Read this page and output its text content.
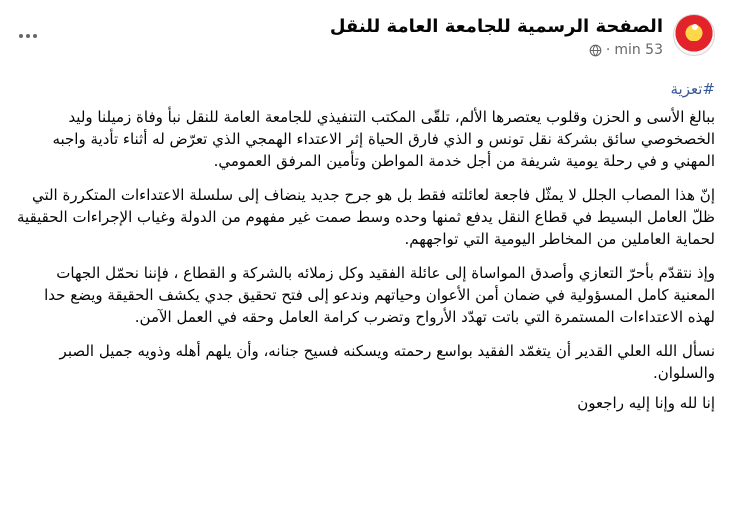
الصفحة الرسمية للجامعة العامة للنقل
53 min
·
#تعزية

ببالغ الأسى و الحزن وقلوب يعتصرها الألم، تلقّى المكتب التنفيذي للجامعة العامة للنقل نبأ وفاة زميلنا وليد الخصخوصي سائق بشركة نقل تونس و الذي فارق الحياة إثر الاعتداء الهمجي الذي تعرّض له أثناء تأدية واجبه المهني و في رحلة يومية شريفة من أجل خدمة المواطن وتأمين المرفق العمومي.

إنّ هذا المصاب الجلل لا يمثّل فاجعة لعائلته فقط بل هو جرح جديد ينضاف إلى سلسلة الاعتداءات المتكررة التي ظلّ العامل البسيط في قطاع النقل يدفع ثمنها وحده وسط صمت غير مفهوم من الدولة وغياب الإجراءات الحقيقية لحماية العاملين من المخاطر اليومية التي تواجههم.

وإذ نتقدّم بأحرّ التعازي وأصدق المواساة إلى عائلة الفقيد وكل زملائه بالشركة و القطاع ، فإننا نحمّل الجهات المعنية كامل المسؤولية في ضمان أمن الأعوان وحياتهم وندعو إلى فتح تحقيق جدي يكشف الحقيقة ويضع حدا لهذه الاعتداءات المستمرة التي باتت تهدّد الأرواح وتضرب كرامة العامل وحقه في العمل الآمن.

نسأل الله العلي القدير أن يتغمّد الفقيد بواسع رحمته ويسكنه فسيح جنانه، وأن يلهم أهله وذويه جميل الصبر والسلوان.

إنا لله وإنا إليه راجعون
